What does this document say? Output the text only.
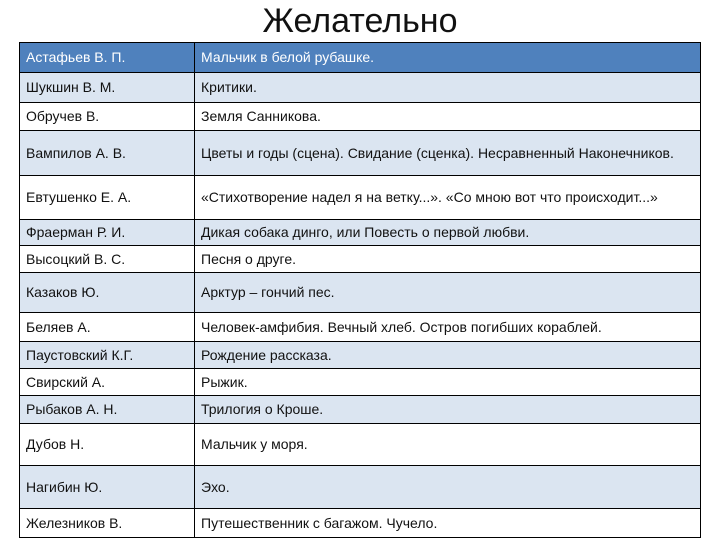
Желательно
Астафьев В. П.	Мальчик в белой рубашке.
Шукшин В. М.	Критики.
Обручев В.	Земля Санникова.
Вампилов А. В.	Цветы и годы (сцена). Свидание (сценка). Несравненный Наконечников.
Евтушенко Е. А.	«Стихотворение надел я на ветку...». «Со мною вот что происходит...»
Фраерман Р. И.	Дикая собака динго, или Повесть о первой любви.
Высоцкий В. С.	Песня о друге.
Казаков Ю.	Арктур – гончий пес.
Беляев А.	Человек-амфибия. Вечный хлеб. Остров погибших кораблей.
Паустовский К.Г.	Рождение рассказа.
Свирский А.	Рыжик.
Рыбаков А. Н.	Трилогия о Кроше.
Дубов Н.	Мальчик у моря.
Нагибин Ю.	Эхо.
Железников В.	Путешественник с багажом. Чучело.
